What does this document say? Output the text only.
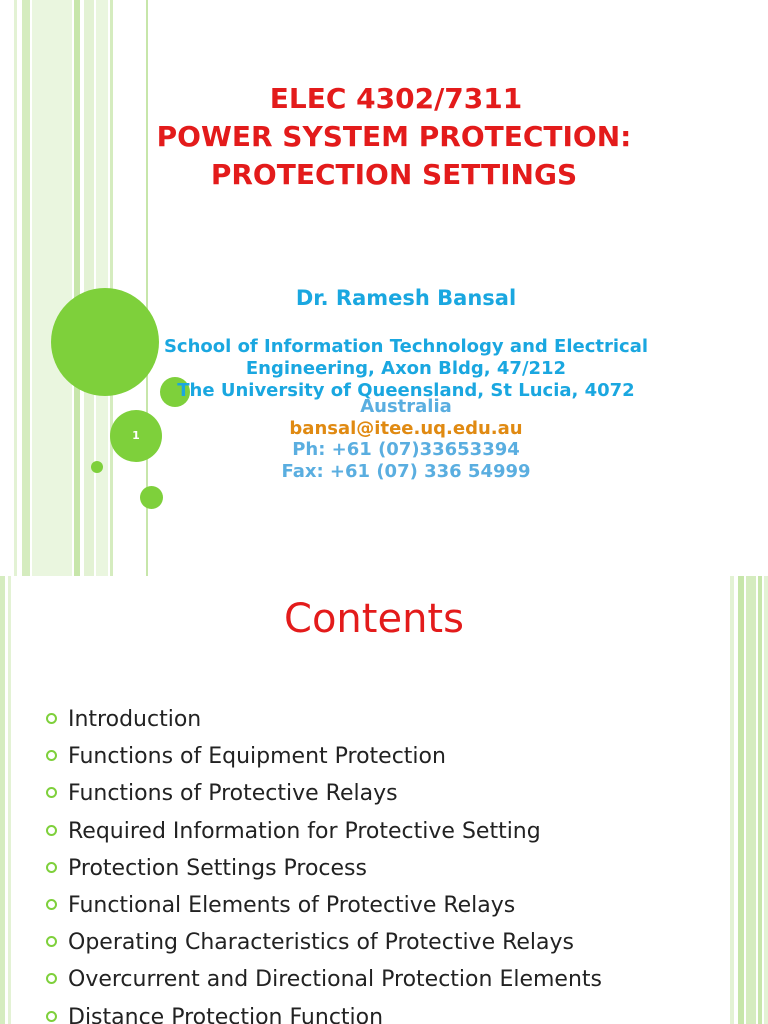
1
ELEC 4302/7311
POWER SYSTEM PROTECTION:
PROTECTION SETTINGS
Dr. Ramesh Bansal
School of Information Technology and Electrical
Engineering, Axon Bldg, 47/212
The University of Queensland, St Lucia, 4072
Australia
bansal@itee.uq.edu.au
Ph: +61 (07)33653394
Fax: +61 (07) 336 54999
Contents
Introduction
Functions of Equipment Protection
Functions of Protective Relays
Required Information for Protective Setting
Protection Settings Process
Functional Elements of Protective Relays
Operating Characteristics of Protective Relays
Overcurrent and Directional Protection Elements
Distance Protection Function
